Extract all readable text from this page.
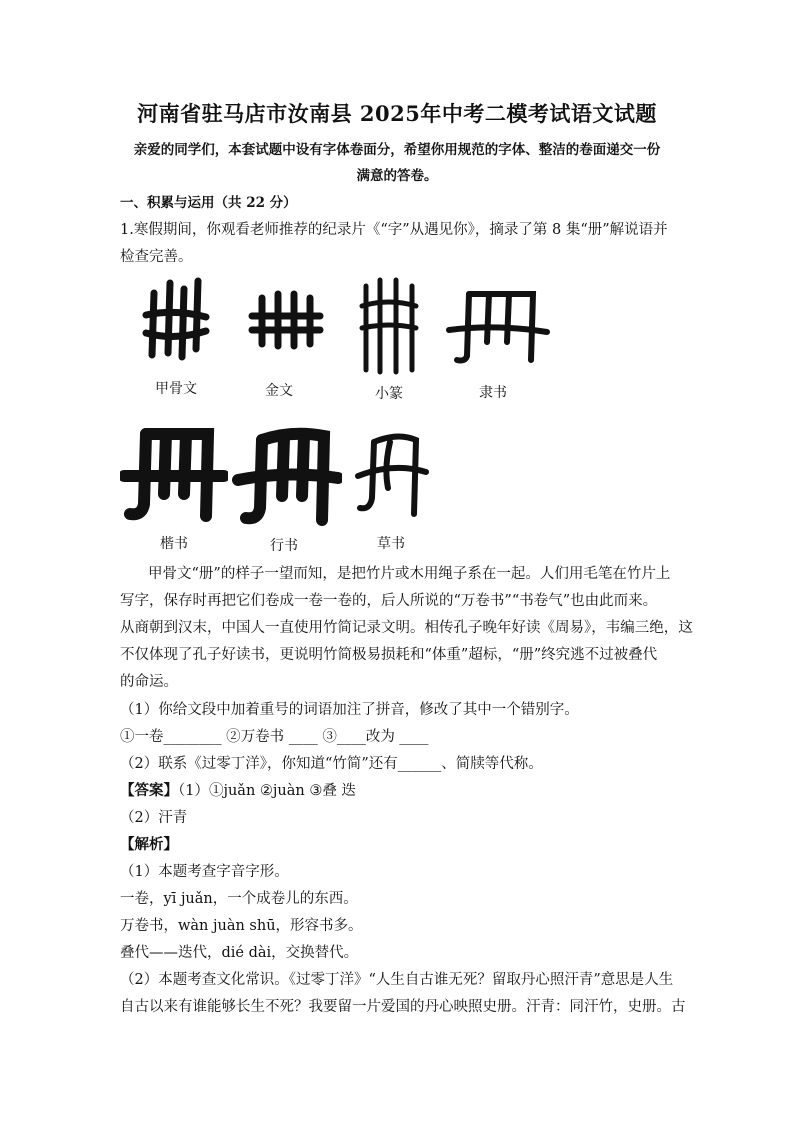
河南省驻马店市汝南县 2025年中考二模考试语文试题
亲爱的同学们，本套试题中设有字体卷面分，希望你用规范的字体、整洁的卷面递交一份
满意的答卷。
一、积累与运用（共 22 分）
1.寒假期间，你观看老师推荐的纪录片《“字”从遇见你》，摘录了第 8 集“册”解说语并
检查完善。
甲骨文	金文	小篆	隶书
楷书	行书	草书
甲骨文“册”的样子一望而知，是把竹片或木用绳子系在一起。人们用毛笔在竹片上
写字，保存时再把它们卷成一卷一卷的，后人所说的“万卷书”“书卷气”也由此而来。
从商朝到汉末，中国人一直使用竹简记录文明。相传孔子晚年好读《周易》，韦编三绝，这
不仅体现了孔子好读书，更说明竹简极易损耗和“体重”超标，“册”终究逃不过被叠代
的命运。
（1）你给文段中加着重号的词语加注了拼音，修改了其中一个错别字。
①一卷________ ②万卷书 ____ ③____改为 ____
（2）联系《过零丁洋》，你知道“竹简”还有______、简牍等代称。
【答案】（1）①juǎn ②juàn ③叠 迭
（2）汗青
【解析】
（1）本题考查字音字形。
一卷，yī juǎn，一个成卷儿的东西。
万卷书，wàn juàn shū，形容书多。
叠代——迭代，dié dài，交换替代。
（2）本题考查文化常识。《过零丁洋》“人生自古谁无死？留取丹心照汗青”意思是人生
自古以来有谁能够长生不死？我要留一片爱国的丹心映照史册。汗青：同汗竹，史册。古
